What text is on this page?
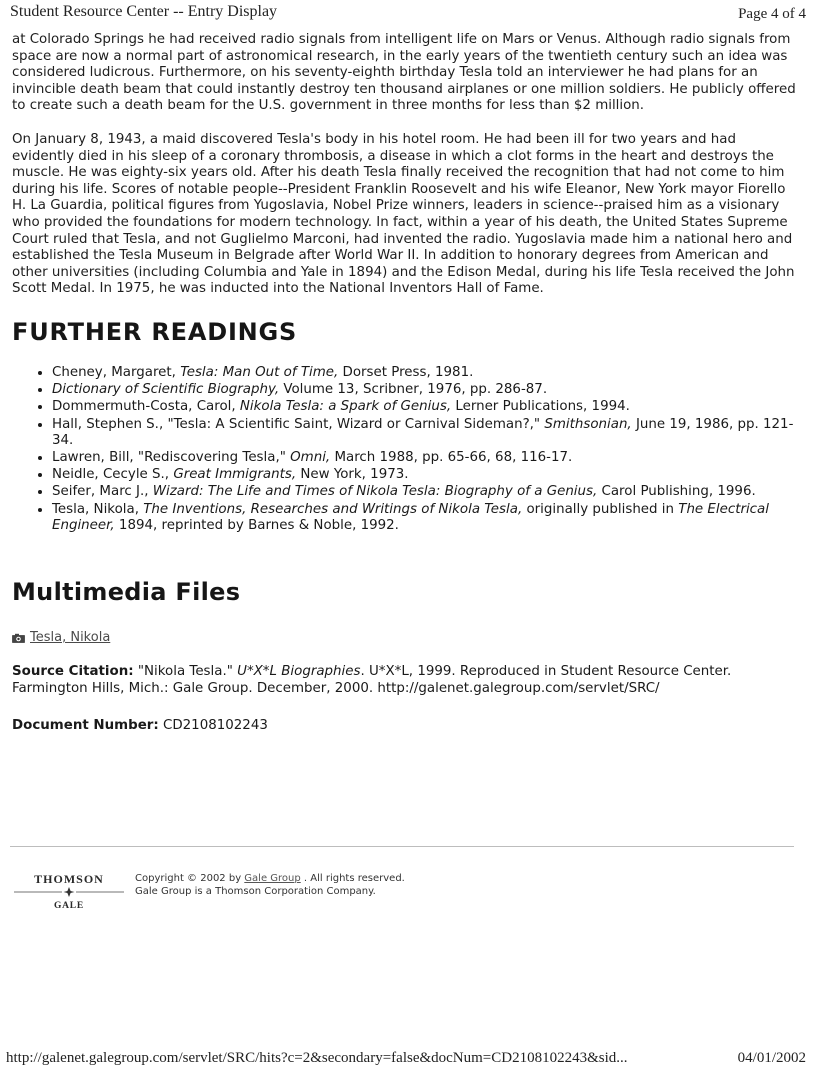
Student Resource Center -- Entry Display	Page 4 of 4

at Colorado Springs he had received radio signals from intelligent life on Mars or Venus. Although radio signals from space are now a normal part of astronomical research, in the early years of the twentieth century such an idea was considered ludicrous. Furthermore, on his seventy-eighth birthday Tesla told an interviewer he had plans for an invincible death beam that could instantly destroy ten thousand airplanes or one million soldiers. He publicly offered to create such a death beam for the U.S. government in three months for less than $2 million.

On January 8, 1943, a maid discovered Tesla's body in his hotel room. He had been ill for two years and had evidently died in his sleep of a coronary thrombosis, a disease in which a clot forms in the heart and destroys the muscle. He was eighty-six years old. After his death Tesla finally received the recognition that had not come to him during his life. Scores of notable people--President Franklin Roosevelt and his wife Eleanor, New York mayor Fiorello H. La Guardia, political figures from Yugoslavia, Nobel Prize winners, leaders in science--praised him as a visionary who provided the foundations for modern technology. In fact, within a year of his death, the United States Supreme Court ruled that Tesla, and not Guglielmo Marconi, had invented the radio. Yugoslavia made him a national hero and established the Tesla Museum in Belgrade after World War II. In addition to honorary degrees from American and other universities (including Columbia and Yale in 1894) and the Edison Medal, during his life Tesla received the John Scott Medal. In 1975, he was inducted into the National Inventors Hall of Fame.

FURTHER READINGS
• Cheney, Margaret, Tesla: Man Out of Time, Dorset Press, 1981.
• Dictionary of Scientific Biography, Volume 13, Scribner, 1976, pp. 286-87.
• Dommermuth-Costa, Carol, Nikola Tesla: a Spark of Genius, Lerner Publications, 1994.
• Hall, Stephen S., "Tesla: A Scientific Saint, Wizard or Carnival Sideman?," Smithsonian, June 19, 1986, pp. 121-34.
• Lawren, Bill, "Rediscovering Tesla," Omni, March 1988, pp. 65-66, 68, 116-17.
• Neidle, Cecyle S., Great Immigrants, New York, 1973.
• Seifer, Marc J., Wizard: The Life and Times of Nikola Tesla: Biography of a Genius, Carol Publishing, 1996.
• Tesla, Nikola, The Inventions, Researches and Writings of Nikola Tesla, originally published in The Electrical Engineer, 1894, reprinted by Barnes & Noble, 1992.
Multimedia Files
Tesla, Nikola
Source Citation: "Nikola Tesla." U*X*L Biographies. U*X*L, 1999. Reproduced in Student Resource Center. Farmington Hills, Mich.: Gale Group. December, 2000. http://galenet.galegroup.com/servlet/SRC/
Document Number: CD2108102243
THOMSON
GALE
Copyright © 2002 by Gale Group . All rights reserved.
Gale Group is a Thomson Corporation Company.
http://galenet.galegroup.com/servlet/SRC/hits?c=2&secondary=false&docNum=CD2108102243&sid...	04/01/2002
